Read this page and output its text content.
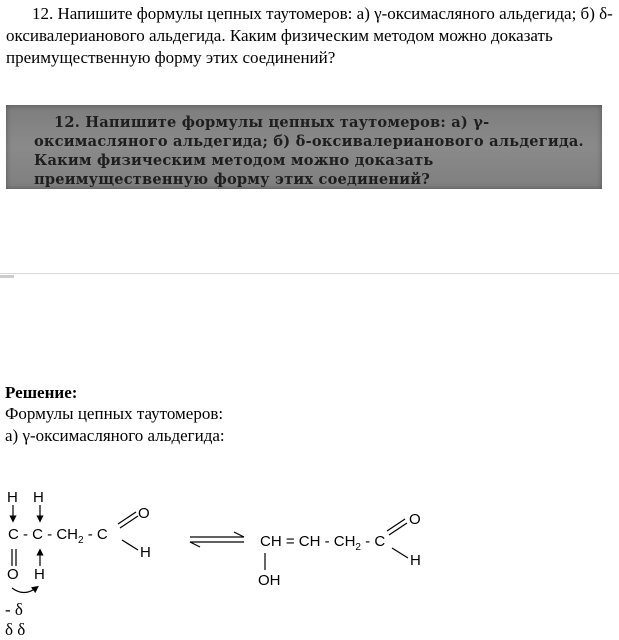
12. Напишите формулы цепных таутомеров: а) γ-оксимасляного альдегида; б) δ-оксивалерианового альдегида. Каким физическим методом можно доказать преимущественную форму этих соединений?
12. Напишите формулы цепных таутомеров: а) γ-оксимасляного альдегида; б) δ-оксивалерианового альдегида. Каким физическим методом можно доказать преимущественную форму этих соединений?
Решение:
Формулы цепных таутомеров:
а) γ-оксимасляного альдегида:
H H
C - C - $CH_2$ - C
O
H
O H
CH = CH - $CH_2$ - C
O
H
OH
- δ
δ δ
